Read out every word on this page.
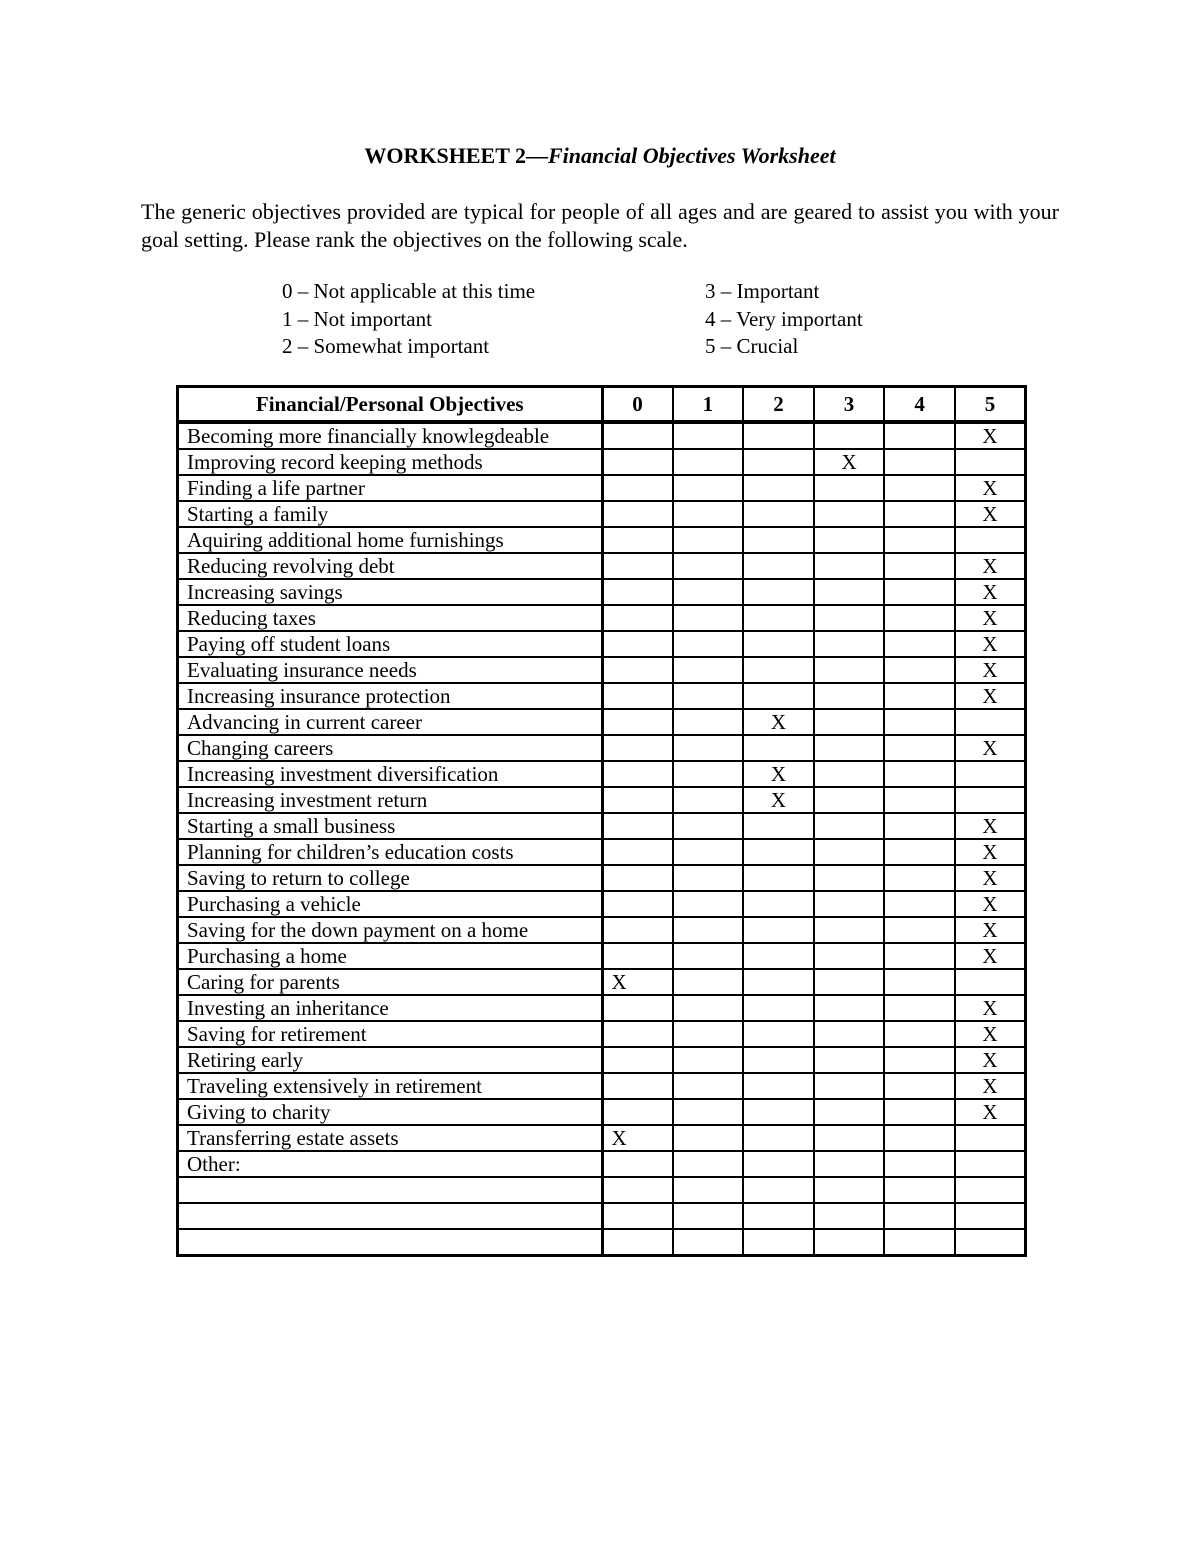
WORKSHEET 2—Financial Objectives Worksheet
The generic objectives provided are typical for people of all ages and are geared to assist you with your goal setting. Please rank the objectives on the following scale.
0 – Not applicable at this time
1 – Not important
2 – Somewhat important
3 – Important
4 – Very important
5 – Crucial
Financial/Personal Objectives	0	1	2	3	4	5
Becoming more financially knowlegdeable						X
Improving record keeping methods				X		
Finding a life partner						X
Starting a family						X
Aquiring additional home furnishings						
Reducing revolving debt						X
Increasing savings						X
Reducing taxes						X
Paying off student loans						X
Evaluating insurance needs						X
Increasing insurance protection						X
Advancing in current career			X			
Changing careers						X
Increasing investment diversification			X			
Increasing investment return			X			
Starting a small business						X
Planning for children’s education costs						X
Saving to return to college						X
Purchasing a vehicle						X
Saving for the down payment on a home						X
Purchasing a home						X
Caring for parents	X					
Investing an inheritance						X
Saving for retirement						X
Retiring early						X
Traveling extensively in retirement						X
Giving to charity						X
Transferring estate assets	X					
Other:						
